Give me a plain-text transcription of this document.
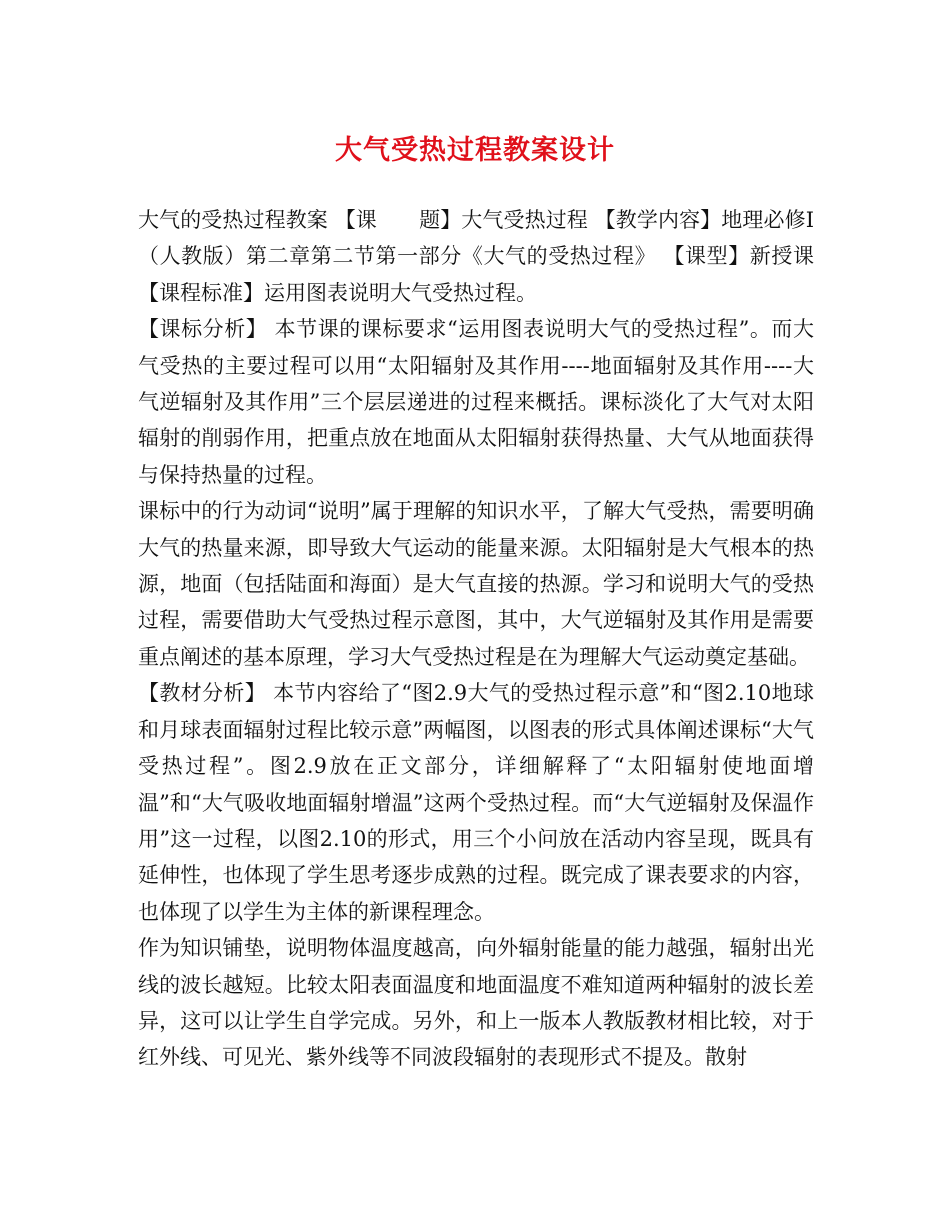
大气受热过程教案设计

大气的受热过程教案 【课　　题】大气受热过程 【教学内容】地理必修Ⅰ（人教版）第二章第二节第一部分《大气的受热过程》 【课型】新授课 【课程标准】运用图表说明大气受热过程。

【课标分析】 本节课的课标要求“运用图表说明大气的受热过程”。而大气受热的主要过程可以用“太阳辐射及其作用----地面辐射及其作用----大气逆辐射及其作用”三个层层递进的过程来概括。课标淡化了大气对太阳辐射的削弱作用，把重点放在地面从太阳辐射获得热量、大气从地面获得与保持热量的过程。

课标中的行为动词“说明”属于理解的知识水平，了解大气受热，需要明确大气的热量来源，即导致大气运动的能量来源。太阳辐射是大气根本的热源，地面（包括陆面和海面）是大气直接的热源。学习和说明大气的受热过程，需要借助大气受热过程示意图，其中，大气逆辐射及其作用是需要重点阐述的基本原理，学习大气受热过程是在为理解大气运动奠定基础。

【教材分析】 本节内容给了“图2.9大气的受热过程示意”和“图2.10地球和月球表面辐射过程比较示意”两幅图，以图表的形式具体阐述课标“大气受热过程”。图2.9放在正文部分，详细解释了“太阳辐射使地面增温”和“大气吸收地面辐射增温”这两个受热过程。而“大气逆辐射及保温作用”这一过程，以图2.10的形式，用三个小问放在活动内容呈现，既具有延伸性，也体现了学生思考逐步成熟的过程。既完成了课表要求的内容，也体现了以学生为主体的新课程理念。

作为知识铺垫，说明物体温度越高，向外辐射能量的能力越强，辐射出光线的波长越短。比较太阳表面温度和地面温度不难知道两种辐射的波长差异，这可以让学生自学完成。另外，和上一版本人教版教材相比较，对于红外线、可见光、紫外线等不同波段辐射的表现形式不提及。散射
